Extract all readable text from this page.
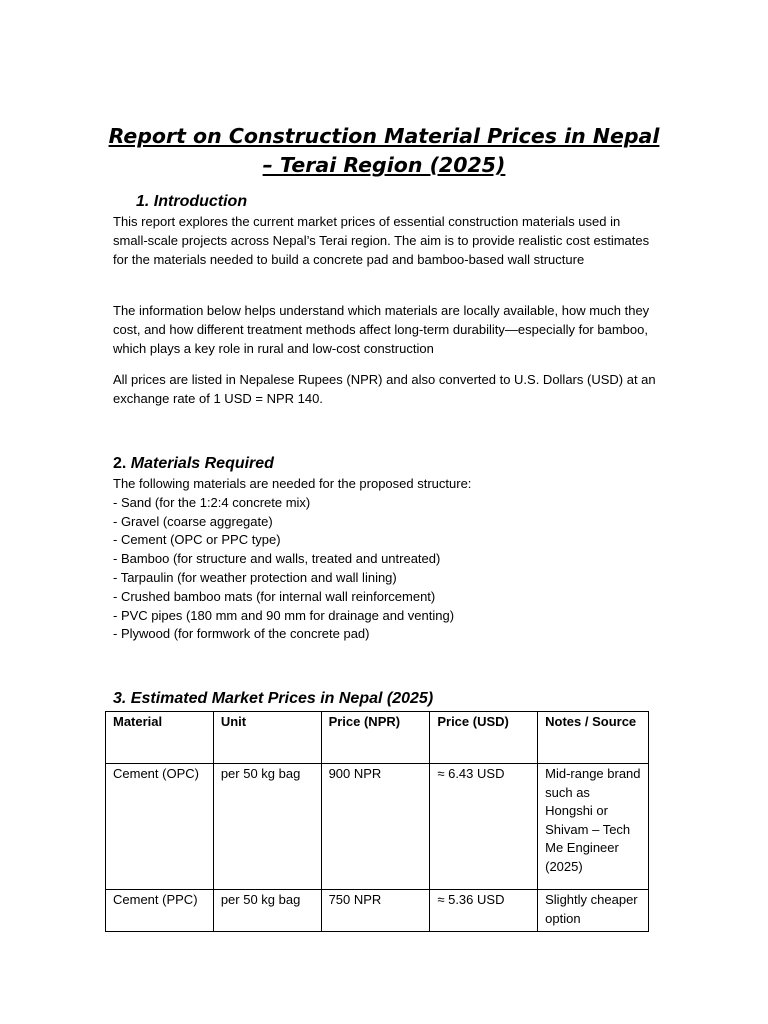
Report on Construction Material Prices in Nepal – Terai Region (2025)
1. Introduction

This report explores the current market prices of essential construction materials used in small-scale projects across Nepal’s Terai region. The aim is to provide realistic cost estimates for the materials needed to build a concrete pad and bamboo-based wall structure

The information below helps understand which materials are locally available, how much they cost, and how different treatment methods affect long-term durability—especially for bamboo, which plays a key role in rural and low-cost construction

All prices are listed in Nepalese Rupees (NPR) and also converted to U.S. Dollars (USD) at an exchange rate of 1 USD = NPR 140.

2. Materials Required
The following materials are needed for the proposed structure:
- Sand (for the 1:2:4 concrete mix)
- Gravel (coarse aggregate)
- Cement (OPC or PPC type)
- Bamboo (for structure and walls, treated and untreated)
- Tarpaulin (for weather protection and wall lining)
- Crushed bamboo mats (for internal wall reinforcement)
- PVC pipes (180 mm and 90 mm for drainage and venting)
- Plywood (for formwork of the concrete pad)
3. Estimated Market Prices in Nepal (2025)
Material	Unit	Price (NPR)	Price (USD)	Notes / Source
Cement (OPC)	per 50 kg bag	900 NPR	≈ 6.43 USD	Mid-range brand such as Hongshi or Shivam – Tech Me Engineer (2025)
Cement (PPC)	per 50 kg bag	750 NPR	≈ 5.36 USD	Slightly cheaper option
